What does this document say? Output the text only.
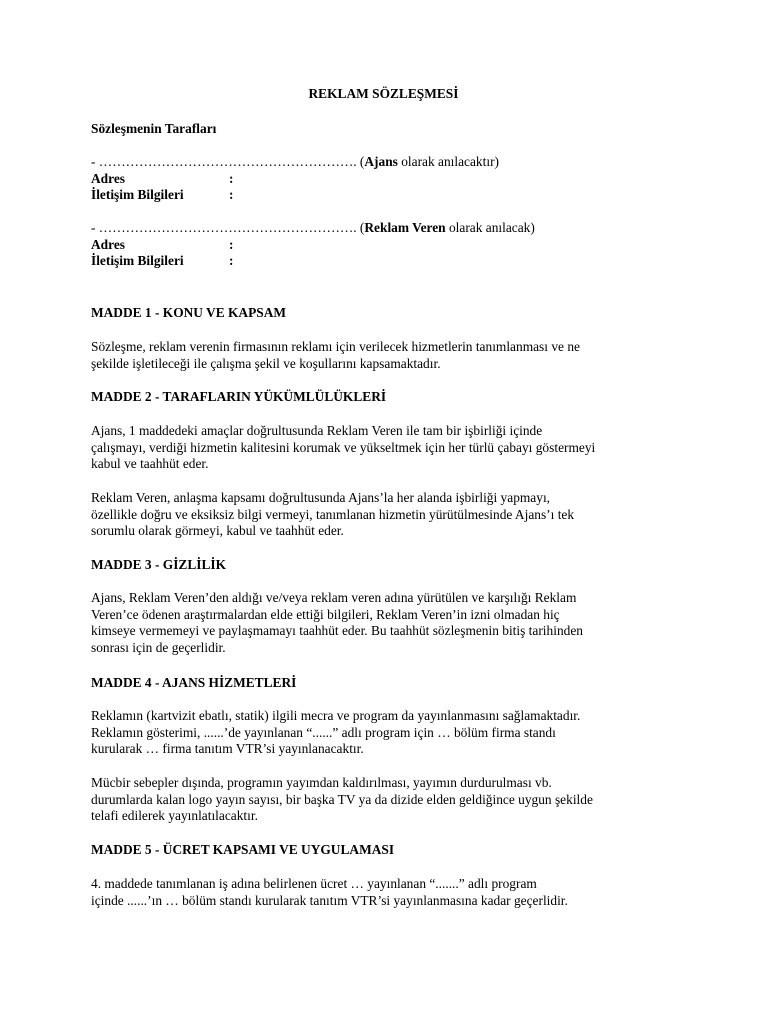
REKLAM SÖZLEŞMESİ
Sözleşmenin Tarafları

- …………………………………………………. (Ajans olarak anılacaktır)

Adres	:
İletişim Bilgileri	:

- …………………………………………………. (Reklam Veren olarak anılacak)

Adres	:
İletişim Bilgileri	:
MADDE 1 - KONU VE KAPSAM

Sözleşme, reklam verenin firmasının reklamı için verilecek hizmetlerin tanımlanması ve ne

şekilde işletileceği ile çalışma şekil ve koşullarını kapsamaktadır.

MADDE 2 - TARAFLARIN YÜKÜMLÜLÜKLERİ

Ajans, 1 maddedeki amaçlar doğrultusunda Reklam Veren ile tam bir işbirliği içinde

çalışmayı, verdiği hizmetin kalitesini korumak ve yükseltmek için her türlü çabayı göstermeyi

kabul ve taahhüt eder.

Reklam Veren, anlaşma kapsamı doğrultusunda Ajans’la her alanda işbirliği yapmayı,

özellikle doğru ve eksiksiz bilgi vermeyi, tanımlanan hizmetin yürütülmesinde Ajans’ı tek

sorumlu olarak görmeyi, kabul ve taahhüt eder.

MADDE 3 - GİZLİLİK

Ajans, Reklam Veren’den aldığı ve/veya reklam veren adına yürütülen ve karşılığı Reklam

Veren’ce ödenen araştırmalardan elde ettiği bilgileri, Reklam Veren’in izni olmadan hiç

kimseye vermemeyi ve paylaşmamayı taahhüt eder. Bu taahhüt sözleşmenin bitiş tarihinden

sonrası için de geçerlidir.

MADDE 4 - AJANS HİZMETLERİ

Reklamın (kartvizit ebatlı, statik) ilgili mecra ve program da yayınlanmasını sağlamaktadır.

Reklamın gösterimi, ......’de yayınlanan “......” adlı program için … bölüm firma standı

kurularak … firma tanıtım VTR’si yayınlanacaktır.

Mücbir sebepler dışında, programın yayımdan kaldırılması, yayımın durdurulması vb.

durumlarda kalan logo yayın sayısı, bir başka TV ya da dizide elden geldiğince uygun şekilde

telafi edilerek yayınlatılacaktır.

MADDE 5 - ÜCRET KAPSAMI VE UYGULAMASI

4. maddede tanımlanan iş adına belirlenen ücret … yayınlanan “.......” adlı program

içinde ......’ın … bölüm standı kurularak tanıtım VTR’si yayınlanmasına kadar geçerlidir.
